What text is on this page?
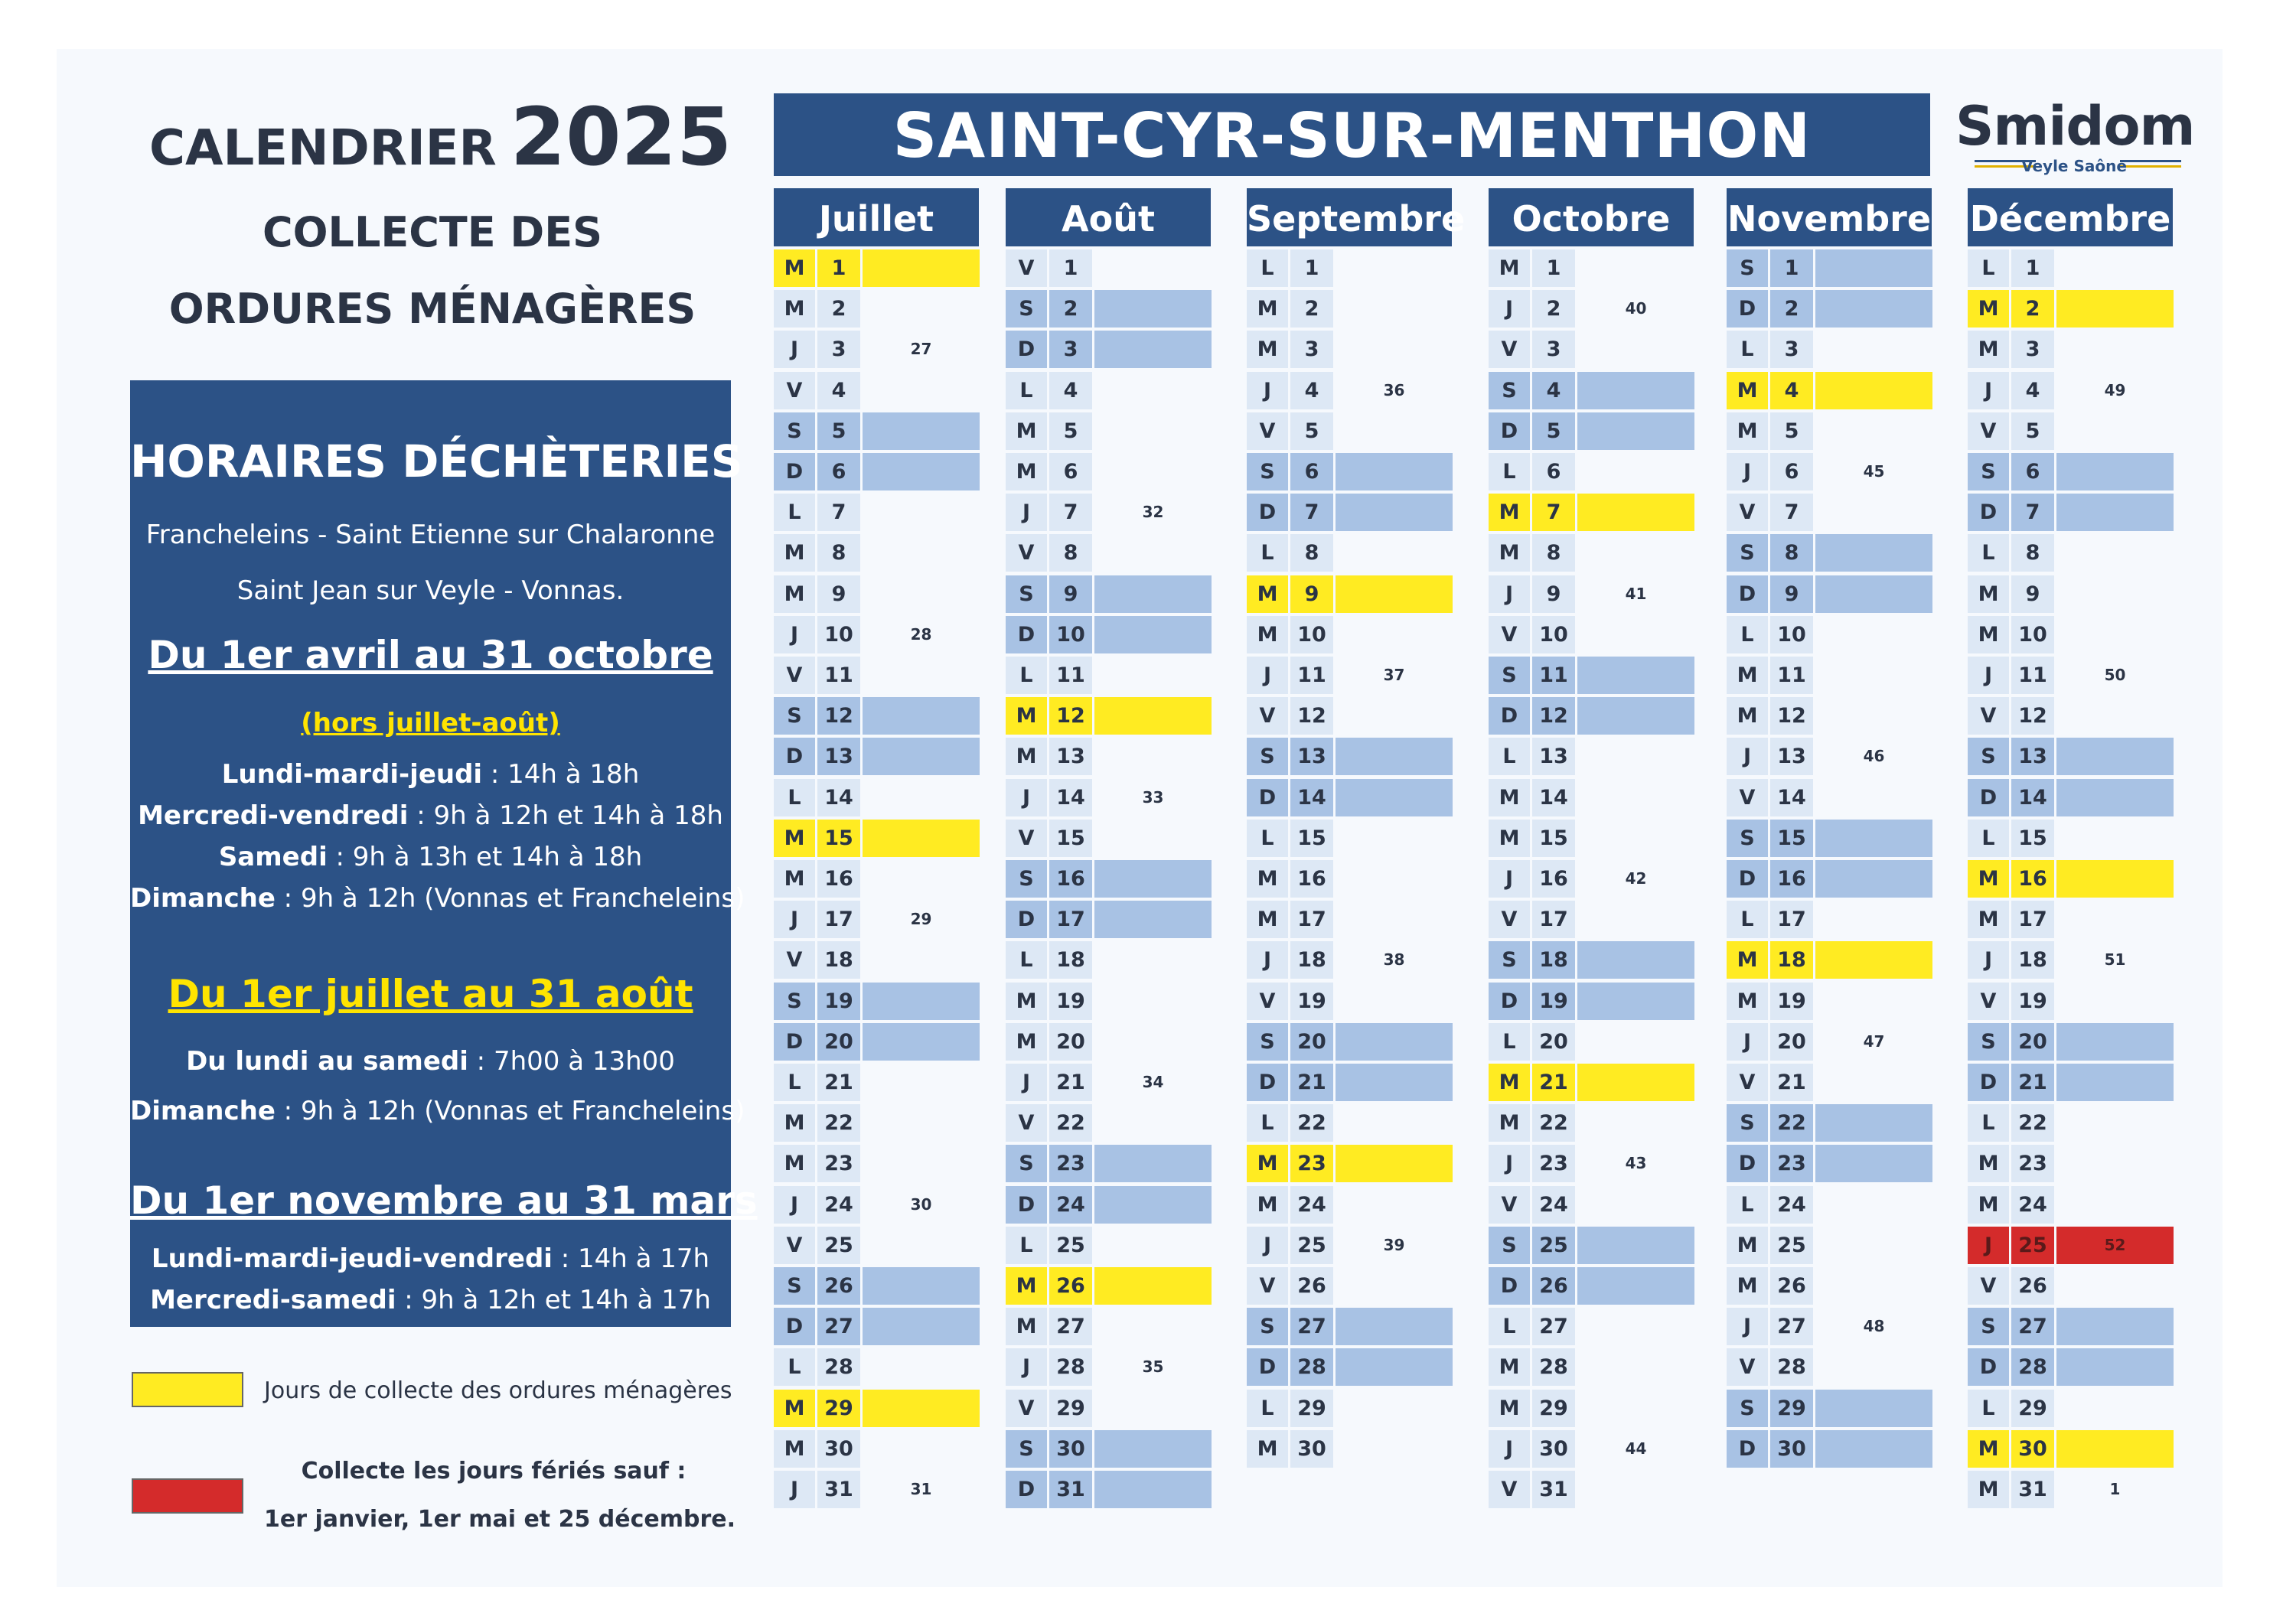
CALENDRIER 2025
COLLECTE DES
ORDURES MÉNAGÈRES
HORAIRES DÉCHÈTERIES
Francheleins - Saint Etienne sur Chalaronne
Saint Jean sur Veyle - Vonnas.
Du 1er avril au 31 octobre
(hors juillet-août)
Lundi-mardi-jeudi : 14h à 18h
Mercredi-vendredi : 9h à 12h et 14h à 18h
Samedi : 9h à 13h et 14h à 18h
Dimanche : 9h à 12h (Vonnas et Francheleins)
Du 1er juillet au 31 août
Du lundi au samedi : 7h00 à 13h00
Dimanche : 9h à 12h (Vonnas et Francheleins)
Du 1er novembre au 31 mars
Lundi-mardi-jeudi-vendredi : 14h à 17h
Mercredi-samedi : 9h à 12h et 14h à 17h
Jours de collecte des ordures ménagères
Collecte les jours fériés sauf :
1er janvier, 1er mai et 25 décembre.
SAINT-CYR-SUR-MENTHON	Smidom
Veyle Saône
Juillet
M	1
M	2
J	3	27
V	4
S	5
D	6
L	7
M	8
M	9
J	10	28
V	11
S	12
D	13
L	14
M 15
M 16
J	17	29
V	18
S	19
D	20
L	21
M 22
M 23
J	24	30
V	25
S	26
D	27
L	28
M 29
M 30
J	31	31
Août
V	1
S	2
D	3
L	4
M	5
M	6
J	7	32
V	8
S	9
D	10
L	11
M 12
M 13
J	14	33
V	15
S	16
D	17
L	18
M 19
M 20
J	21	34
V	22
S	23
D	24
L	25
M 26
M 27
J	28	35
V	29
S	30
D	31
Septembre
L	1
M	2
M	3
J	4	36
V	5
S	6
D	7
L	8
M	9
M 10
J	11	37
V	12
S	13
D	14
L	15
M 16
M 17
J	18	38
V	19
S	20
D	21
L	22
M 23
M 24
J	25	39
V	26
S	27
D	28
L	29
M 30
Octobre
M	1
J	2	40
V	3
S	4
D	5
L	6
M	7
M	8
J	9	41
V	10
S	11
D	12
L	13
M 14
M 15
J	16	42
V	17
S	18
D	19
L	20
M 21
M 22
J	23	43
V	24
S	25
D	26
L	27
M 28
M 29
J	30	44
V	31
Novembre
S	1
D	2
L	3
M	4
M	5
J	6	45
V	7
S	8
D	9
L	10
M 11
M 12
J	13	46
V	14
S	15
D	16
L	17
M 18
M 19
J	20	47
V	21
S	22
D	23
L	24
M 25
M 26
J	27	48
V	28
S	29
D	30
Décembre
L	1
M	2
M	3
J	4	49
V	5
S	6
D	7
L	8
M	9
M 10
J	11	50
V	12
S	13
D	14
L	15
M 16
M 17
J	18	51
V	19
S	20
D	21
L	22
M 23
M 24
J	25	52
V	26
S	27
D	28
L	29
M 30
M 31	1
